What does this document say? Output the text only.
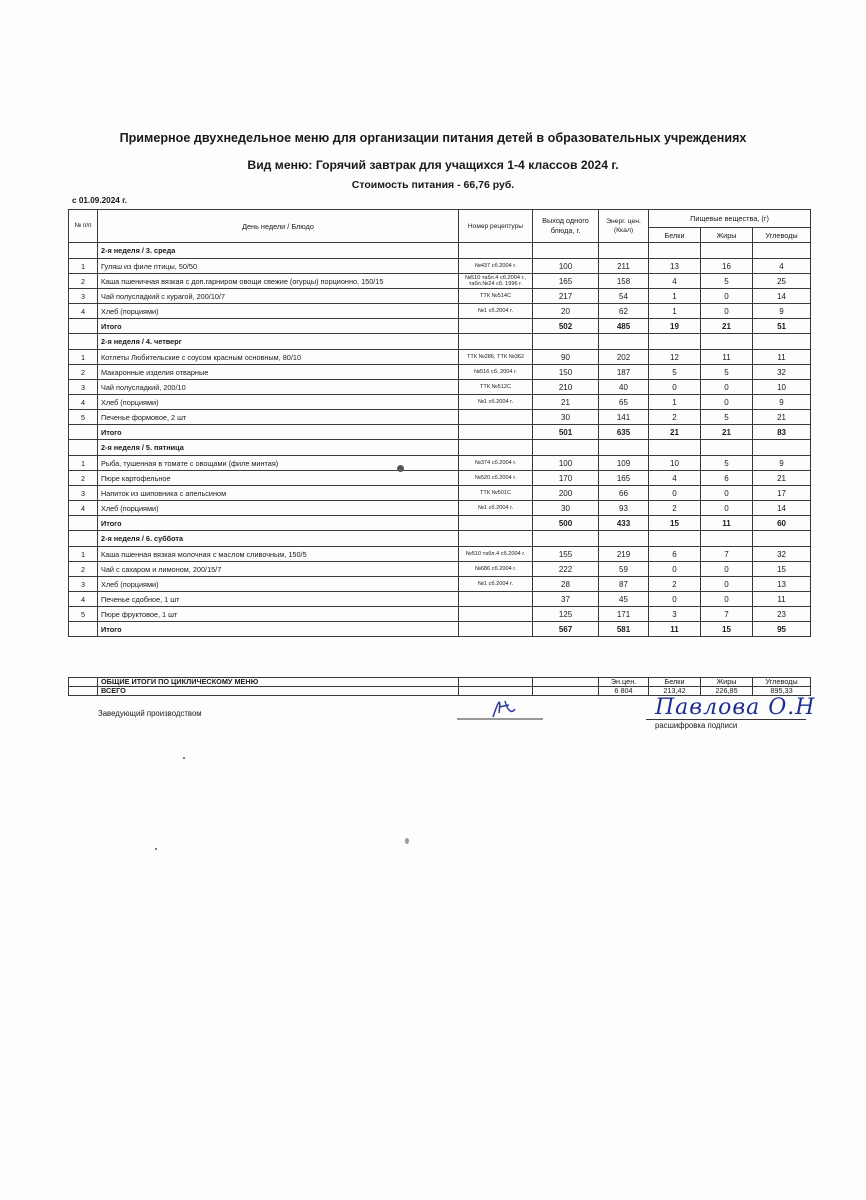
Примерное двухнедельное меню для организации питания детей в образовательных учреждениях
Вид меню: Горячий завтрак для учащихся 1-4 классов 2024 г.
Стоимость питания - 66,76 руб.
с 01.09.2024 г.
№ п/п	День недели / Блюдо	Номер рецептуры	Выход одного блюда, г.	Энерг. цен. (Ккал)	Пищевые вещества, (г)		
					Белки	Жиры	Углеводы
	2-я неделя / 3. среда						
1	Гуляш из филе птицы, 50/50	№437 сб.2004 г.	100	211	13	16	4
2	Каша пшеничная вязкая с доп.гарниром овощи свежие (огурцы) порционно, 150/15	№510 табл.4 сб.2004 г., табл.№24 сб. 1996 г.	165	158	4	5	25
3	Чай полусладкий с курагой, 200/10/7	ТТК №514С	217	54	1	0	14
4	Хлеб (порциями)	№1 сб.2004 г.	20	62	1	0	9
	Итого		502	485	19	21	51
	2-я неделя / 4. четверг						
1	Котлеты Любительские с соусом красным основным, 80/10	ТТК №286, ТТК №362	90	202	12	11	11
2	Макаронные изделия отварные	№516 сб. 2004 г.	150	187	5	5	32
3	Чай полусладкий, 200/10	ТТК №512С	210	40	0	0	10
4	Хлеб (порциями)	№1 сб.2004 г.	21	65	1	0	9
5	Печенье формовое, 2 шт		30	141	2	5	21
	Итого		501	635	21	21	83
	2-я неделя / 5. пятница						
1	Рыба, тушенная в томате с овощами (филе минтая)	№374 сб.2004 г.	100	109	10	5	9
2	Пюре картофельное	№520 сб.2004 г.	170	165	4	6	21
3	Напиток из шиповника с апельсином	ТТК №501С	200	66	0	0	17
4	Хлеб (порциями)	№1 сб.2004 г.	30	93	2	0	14
	Итого		500	433	15	11	60
	2-я неделя / 6. суббота						
1	Каша пшенная вязкая молочная с маслом сливочным, 150/5	№510 табл.4 сб.2004 г.	155	219	6	7	32
2	Чай с сахаром и лимоном, 200/15/7	№686 сб.2004 г.	222	59	0	0	15
3	Хлеб (порциями)	№1 сб.2004 г.	28	87	2	0	13
4	Печенье сдобное, 1 шт		37	45	0	0	11
5	Пюре фруктовое, 1 шт		125	171	3	7	23
	Итого		567	581	11	15	95
	ОБЩИЕ ИТОГИ ПО ЦИКЛИЧЕСКОМУ МЕНЮ			Эн.цен.	Белки	Жиры	Углеводы
	ВСЕГО			6 804	213,42	226,85	895,33
Заведующий производством	Павлова О.Н
расшифровка подписи
